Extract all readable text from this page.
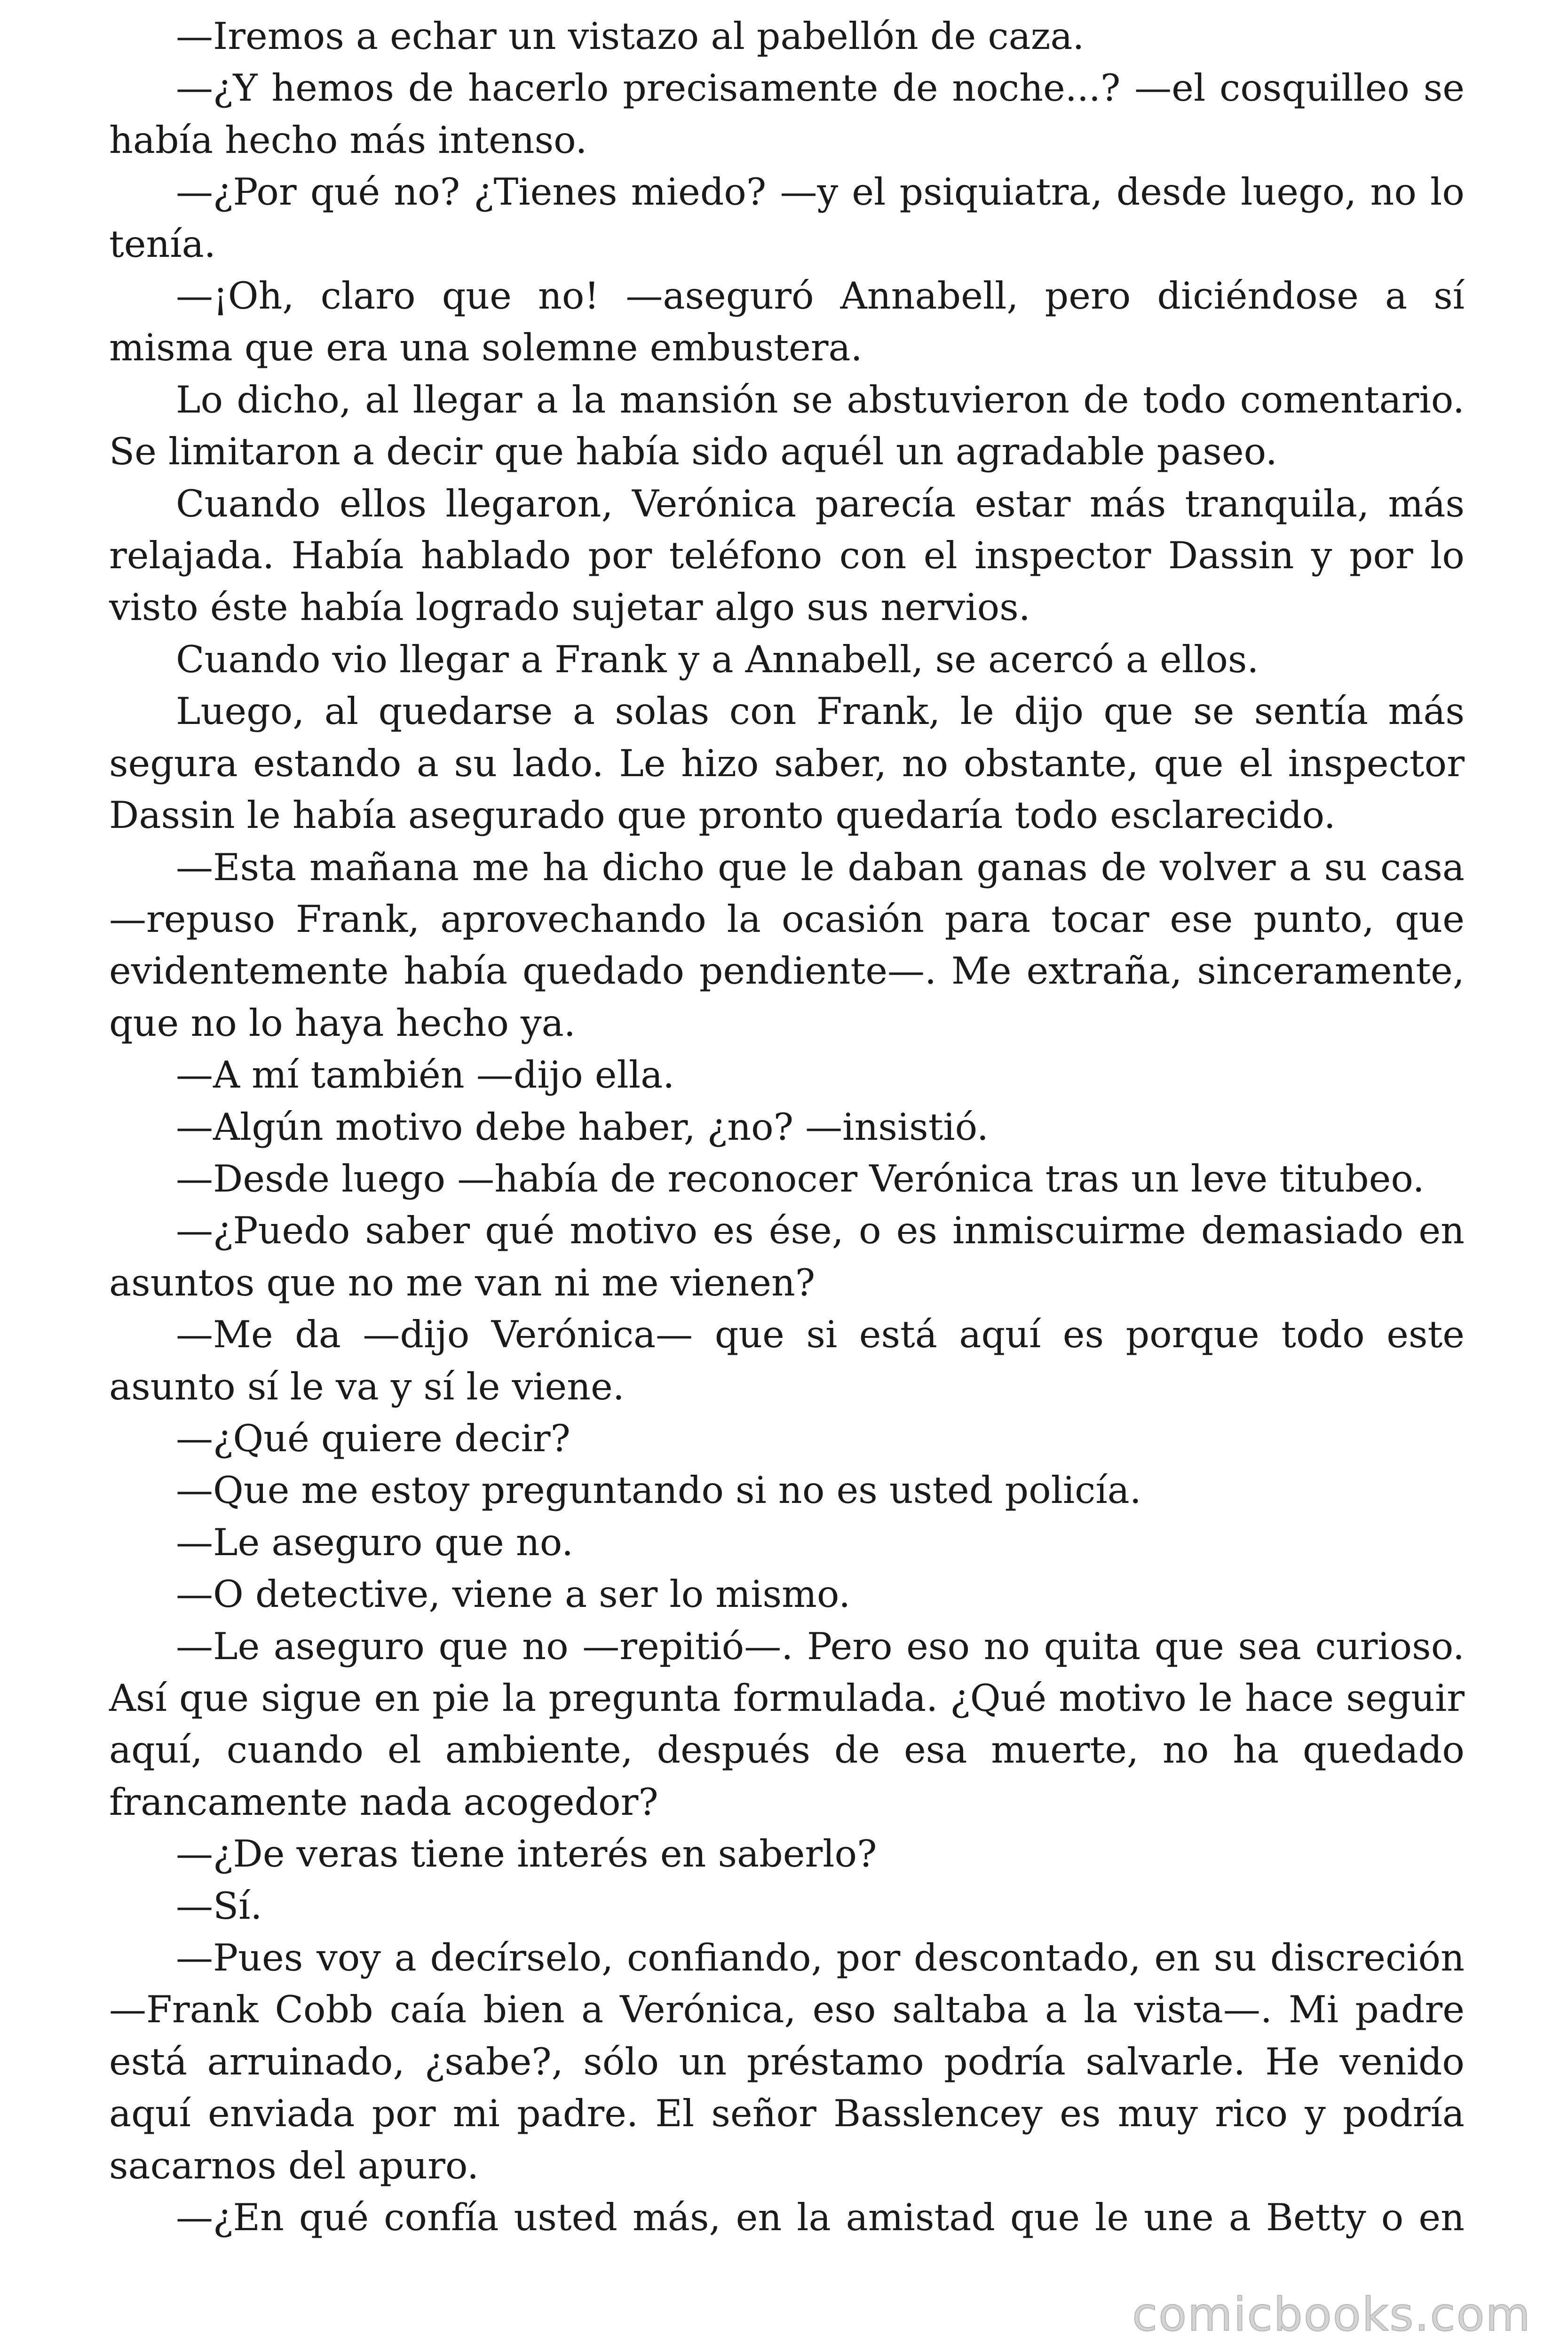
—Iremos a echar un vistazo al pabellón de caza.

—¿Y hemos de hacerlo precisamente de noche...? —el cosquilleo se había hecho más intenso.

—¿Por qué no? ¿Tienes miedo? —y el psiquiatra, desde luego, no lo tenía.

—¡Oh, claro que no! —aseguró Annabell, pero diciéndose a sí misma que era una solemne embustera.

Lo dicho, al llegar a la mansión se abstuvieron de todo comentario. Se limitaron a decir que había sido aquél un agradable paseo.

Cuando ellos llegaron, Verónica parecía estar más tranquila, más relajada. Había hablado por teléfono con el inspector Dassin y por lo visto éste había logrado sujetar algo sus nervios.

Cuando vio llegar a Frank y a Annabell, se acercó a ellos.

Luego, al quedarse a solas con Frank, le dijo que se sentía más segura estando a su lado. Le hizo saber, no obstante, que el inspector Dassin le había asegurado que pronto quedaría todo esclarecido.

—Esta mañana me ha dicho que le daban ganas de volver a su casa —repuso Frank, aprovechando la ocasión para tocar ese punto, que evidentemente había quedado pendiente—. Me extraña, sinceramente, que no lo haya hecho ya.

—A mí también —dijo ella.

—Algún motivo debe haber, ¿no? —insistió.

—Desde luego —había de reconocer Verónica tras un leve titubeo.

—¿Puedo saber qué motivo es ése, o es inmiscuirme demasiado en asuntos que no me van ni me vienen?

—Me da —dijo Verónica— que si está aquí es porque todo este asunto sí le va y sí le viene.

—¿Qué quiere decir?

—Que me estoy preguntando si no es usted policía.

—Le aseguro que no.

—O detective, viene a ser lo mismo.

—Le aseguro que no —repitió—. Pero eso no quita que sea curioso. Así que sigue en pie la pregunta formulada. ¿Qué motivo le hace seguir aquí, cuando el ambiente, después de esa muerte, no ha quedado francamente nada acogedor?

—¿De veras tiene interés en saberlo?

—Sí.

—Pues voy a decírselo, confiando, por descontado, en su discreción —Frank Cobb caía bien a Verónica, eso saltaba a la vista—. Mi padre está arruinado, ¿sabe?, sólo un préstamo podría salvarle. He venido aquí enviada por mi padre. El señor Basslencey es muy rico y podría sacarnos del apuro.

—¿En qué confía usted más, en la amistad que le une a Betty o en

comicbooks.com
